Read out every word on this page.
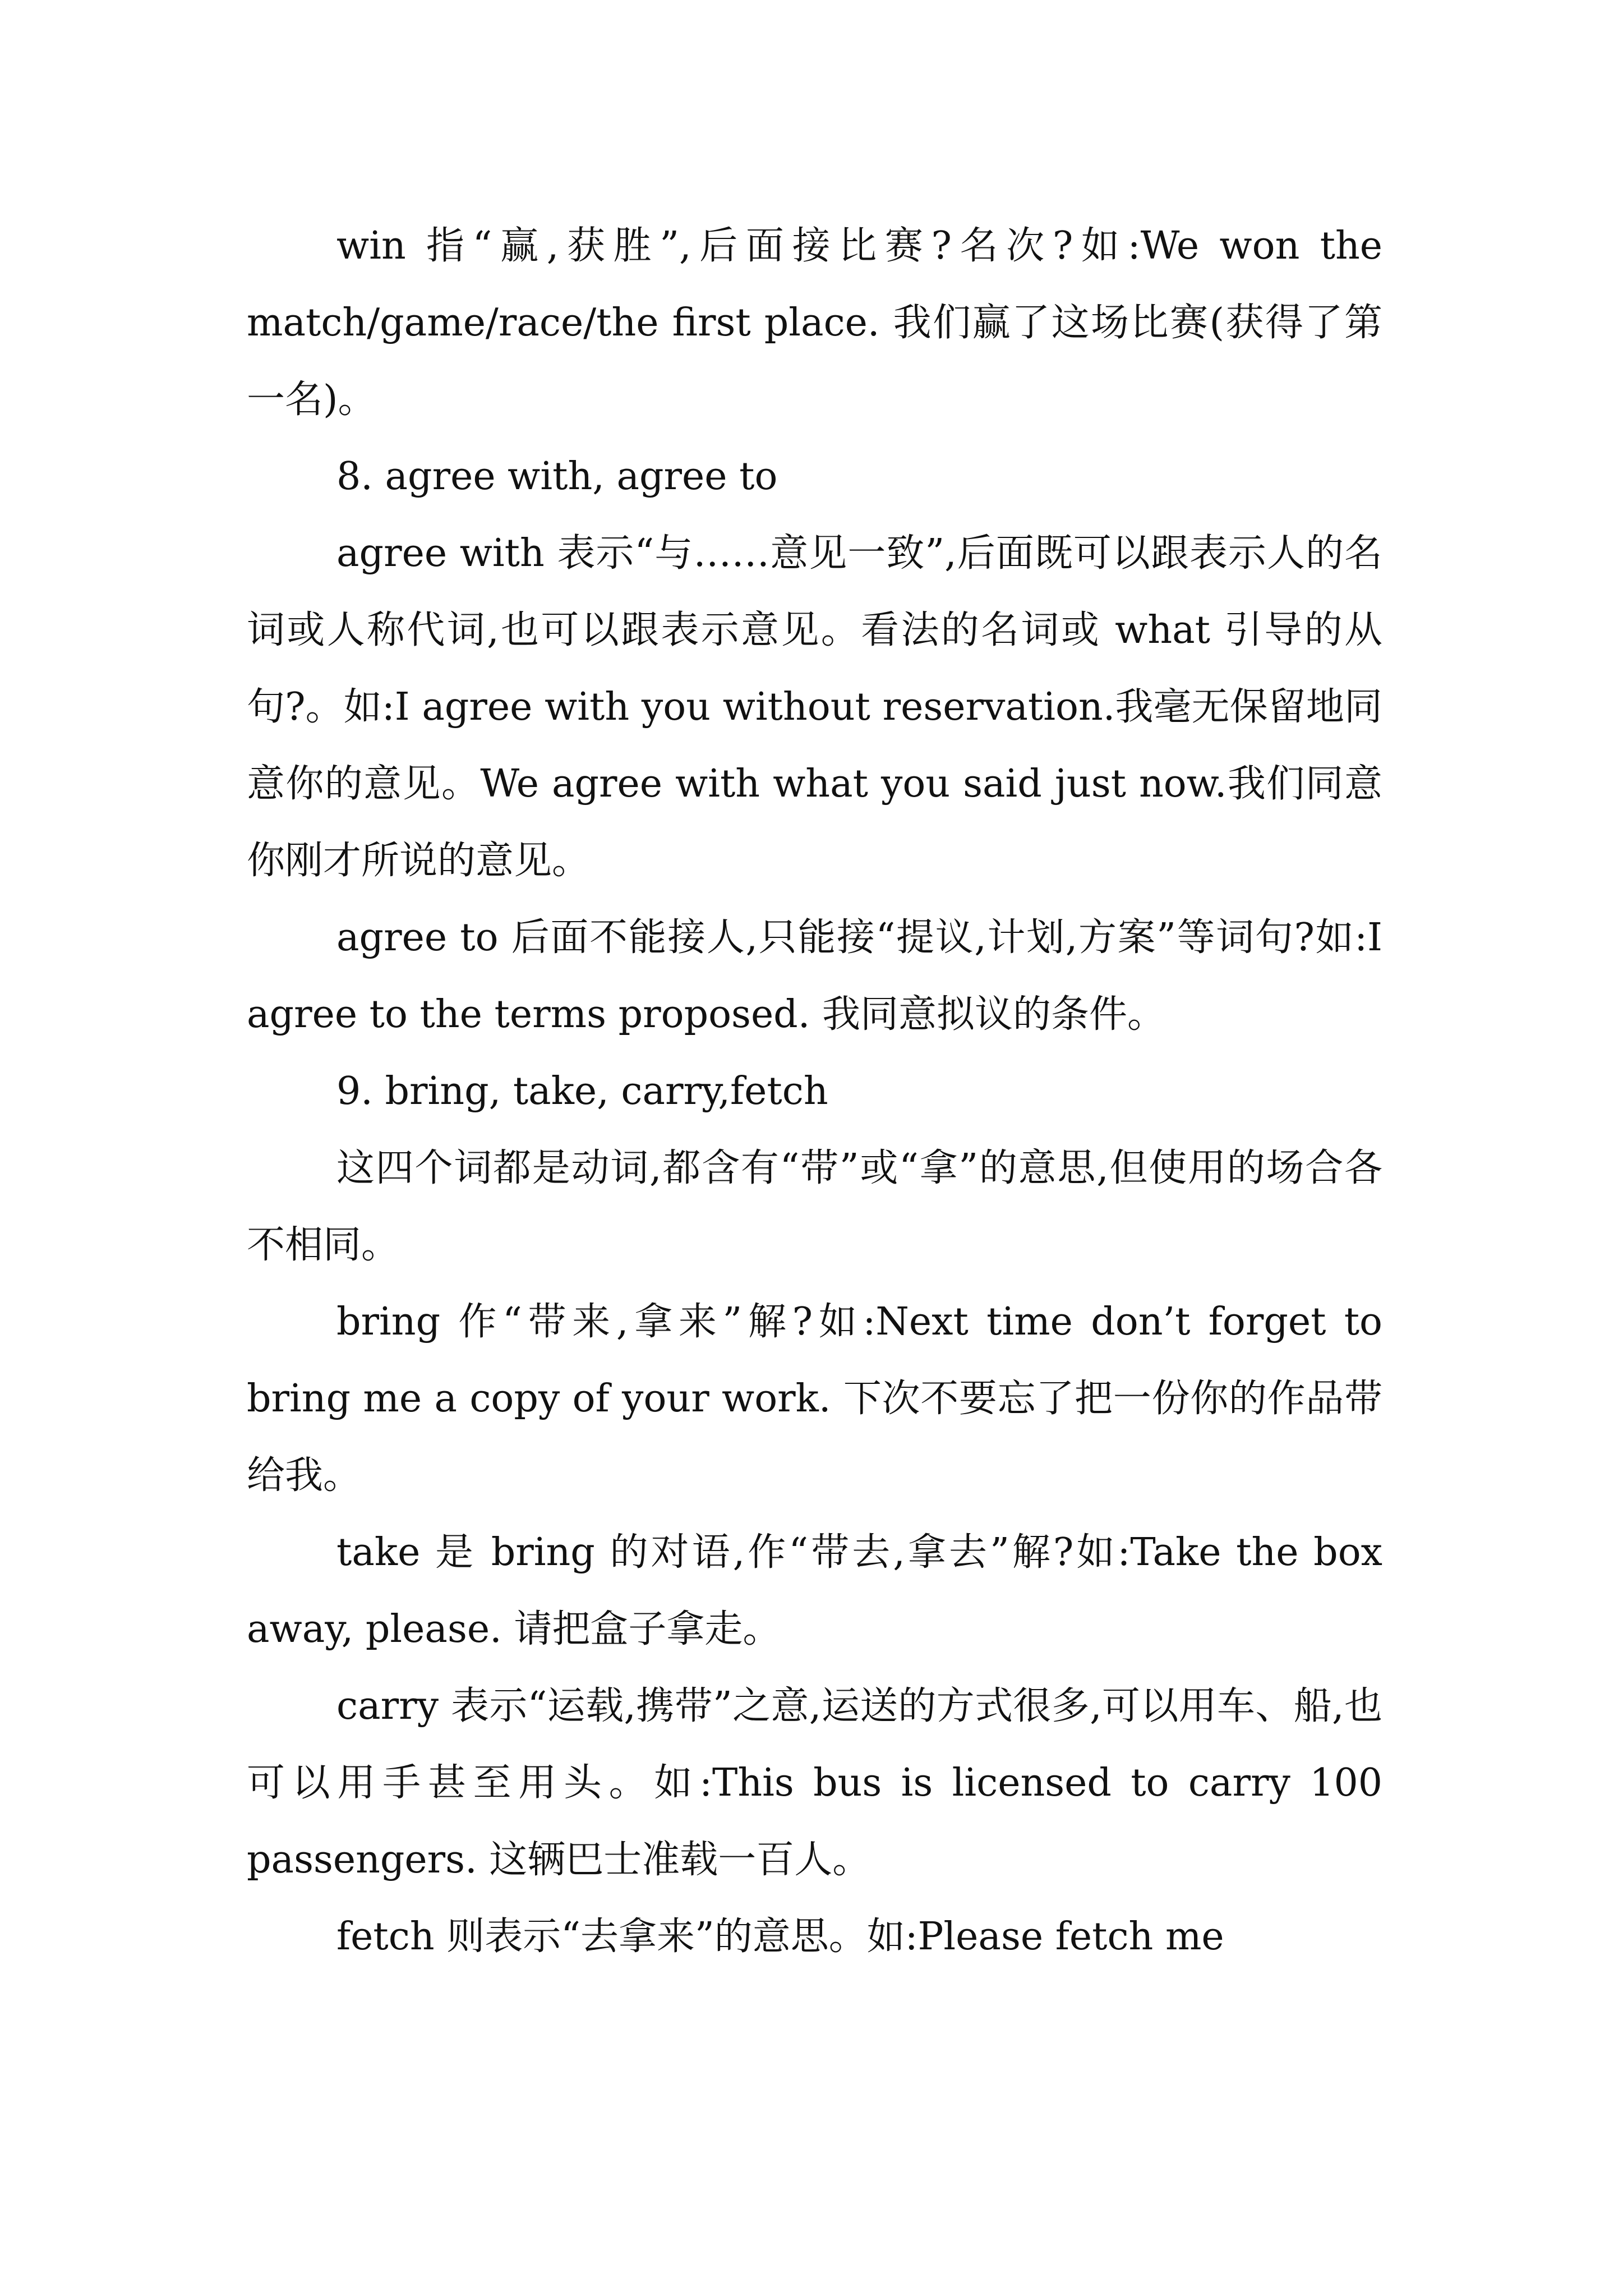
win 指“赢,获胜”,后面接比赛?名次?如:We won the match/game/race/the first place. 我们赢了这场比赛(获得了第一名)。

8. agree with, agree to

agree with 表示“与……意见一致”,后面既可以跟表示人的名词或人称代词,也可以跟表示意见。看法的名词或 what 引导的从句?。如:I agree with you without reservation.我毫无保留地同意你的意见。We agree with what you said just now.我们同意你刚才所说的意见。

agree to 后面不能接人,只能接“提议,计划,方案”等词句?如:I agree to the terms proposed. 我同意拟议的条件。

9. bring, take, carry,fetch

这四个词都是动词,都含有“带”或“拿”的意思,但使用的场合各不相同。

bring 作“带来,拿来”解?如:Next time don’t forget to bring me a copy of your work. 下次不要忘了把一份你的作品带给我。

take 是 bring 的对语,作“带去,拿去”解?如:Take the box away, please. 请把盒子拿走。

carry 表示“运载,携带”之意,运送的方式很多,可以用车、船,也可以用手甚至用头。如:This bus is licensed to carry 100 passengers. 这辆巴士准载一百人。

fetch 则表示“去拿来”的意思。如:Please fetch me
